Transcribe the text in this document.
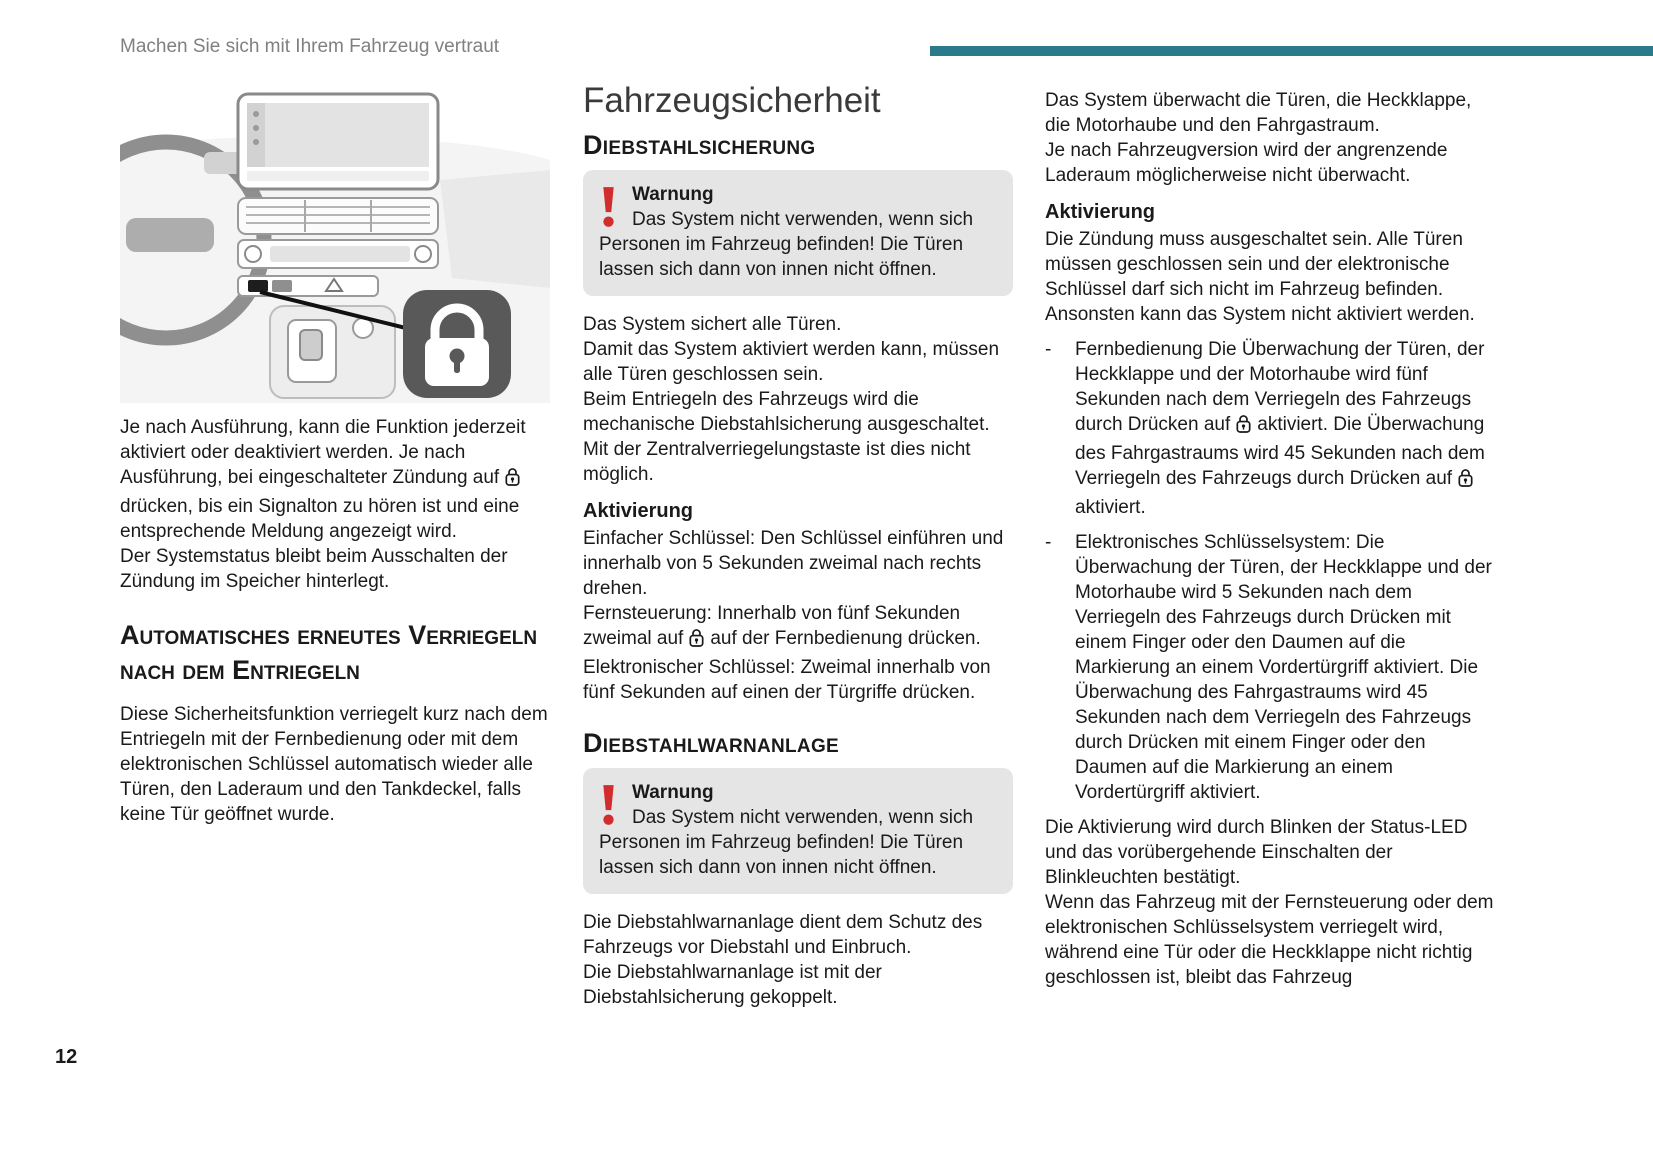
Machen Sie sich mit Ihrem Fahrzeug vertraut

Je nach Ausführung, kann die Funktion jederzeit aktiviert oder deaktiviert werden. Je nach Ausführung, bei eingeschalteter Zündung aufdrücken, bis ein Signalton zu hören ist und eine entsprechende Meldung angezeigt wird.

Der Systemstatus bleibt beim Ausschalten der Zündung im Speicher hinterlegt.

Automatisches erneutes Verriegeln nach dem Entriegeln

Diese Sicherheitsfunktion verriegelt kurz nach dem Entriegeln mit der Fernbedienung oder mit dem elektronischen Schlüssel automatisch wieder alle Türen, den Laderaum und den Tankdeckel, falls keine Tür geöffnet wurde.

Fahrzeugsicherheit
Diebstahlsicherung
Warnung

Das System nicht verwenden, wenn sich Personen im Fahrzeug befinden! Die Türen lassen sich dann von innen nicht öffnen.

Das System sichert alle Türen.

Damit das System aktiviert werden kann, müssen alle Türen geschlossen sein.

Beim Entriegeln des Fahrzeugs wird die mechanische Diebstahlsicherung ausgeschaltet. Mit der Zentralverriegelungstaste ist dies nicht möglich.

Aktivierung

Einfacher Schlüssel: Den Schlüssel einführen und innerhalb von 5 Sekunden zweimal nach rechts drehen.

Fernsteuerung: Innerhalb von fünf Sekunden zweimal auf auf der Fernbedienung drücken.

Elektronischer Schlüssel: Zweimal innerhalb von fünf Sekunden auf einen der Türgriffe drücken.

Diebstahlwarnanlage
Warnung

Das System nicht verwenden, wenn sich Personen im Fahrzeug befinden! Die Türen lassen sich dann von innen nicht öffnen.

Die Diebstahlwarnanlage dient dem Schutz des Fahrzeugs vor Diebstahl und Einbruch.

Die Diebstahlwarnanlage ist mit der Diebstahlsicherung gekoppelt.

Das System überwacht die Türen, die Heckklappe, die Motorhaube und den Fahrgastraum.

Je nach Fahrzeugversion wird der angrenzende Laderaum möglicherweise nicht überwacht.

Aktivierung

Die Zündung muss ausgeschaltet sein. Alle Türen müssen geschlossen sein und der elektronische Schlüssel darf sich nicht im Fahrzeug befinden. Ansonsten kann das System nicht aktiviert werden.

-	Fernbedienung Die Überwachung der Türen, der Heckklappe und der Motorhaube wird fünf Sekunden nach dem Verriegeln des Fahrzeugs durch Drücken auf aktiviert. Die Überwachung des Fahrgastraums wird 45 Sekunden nach dem Verriegeln des Fahrzeugs durch Drücken aufaktiviert.

-	Elektronisches Schlüsselsystem: Die Überwachung der Türen, der Heckklappe und der Motorhaube wird 5 Sekunden nach dem Verriegeln des Fahrzeugs durch Drücken mit einem Finger oder den Daumen auf die Markierung an einem Vordertürgriff aktiviert. Die Überwachung des Fahrgastraums wird 45 Sekunden nach dem Verriegeln des Fahrzeugs durch Drücken mit einem Finger oder den Daumen auf die Markierung an einem Vordertürgriff aktiviert.

Die Aktivierung wird durch Blinken der Status-LED und das vorübergehende Einschalten der Blinkleuchten bestätigt.

Wenn das Fahrzeug mit der Fernsteuerung oder dem elektronischen Schlüsselsystem verriegelt wird, während eine Tür oder die Heckklappe nicht richtig geschlossen ist, bleibt das Fahrzeug

12
